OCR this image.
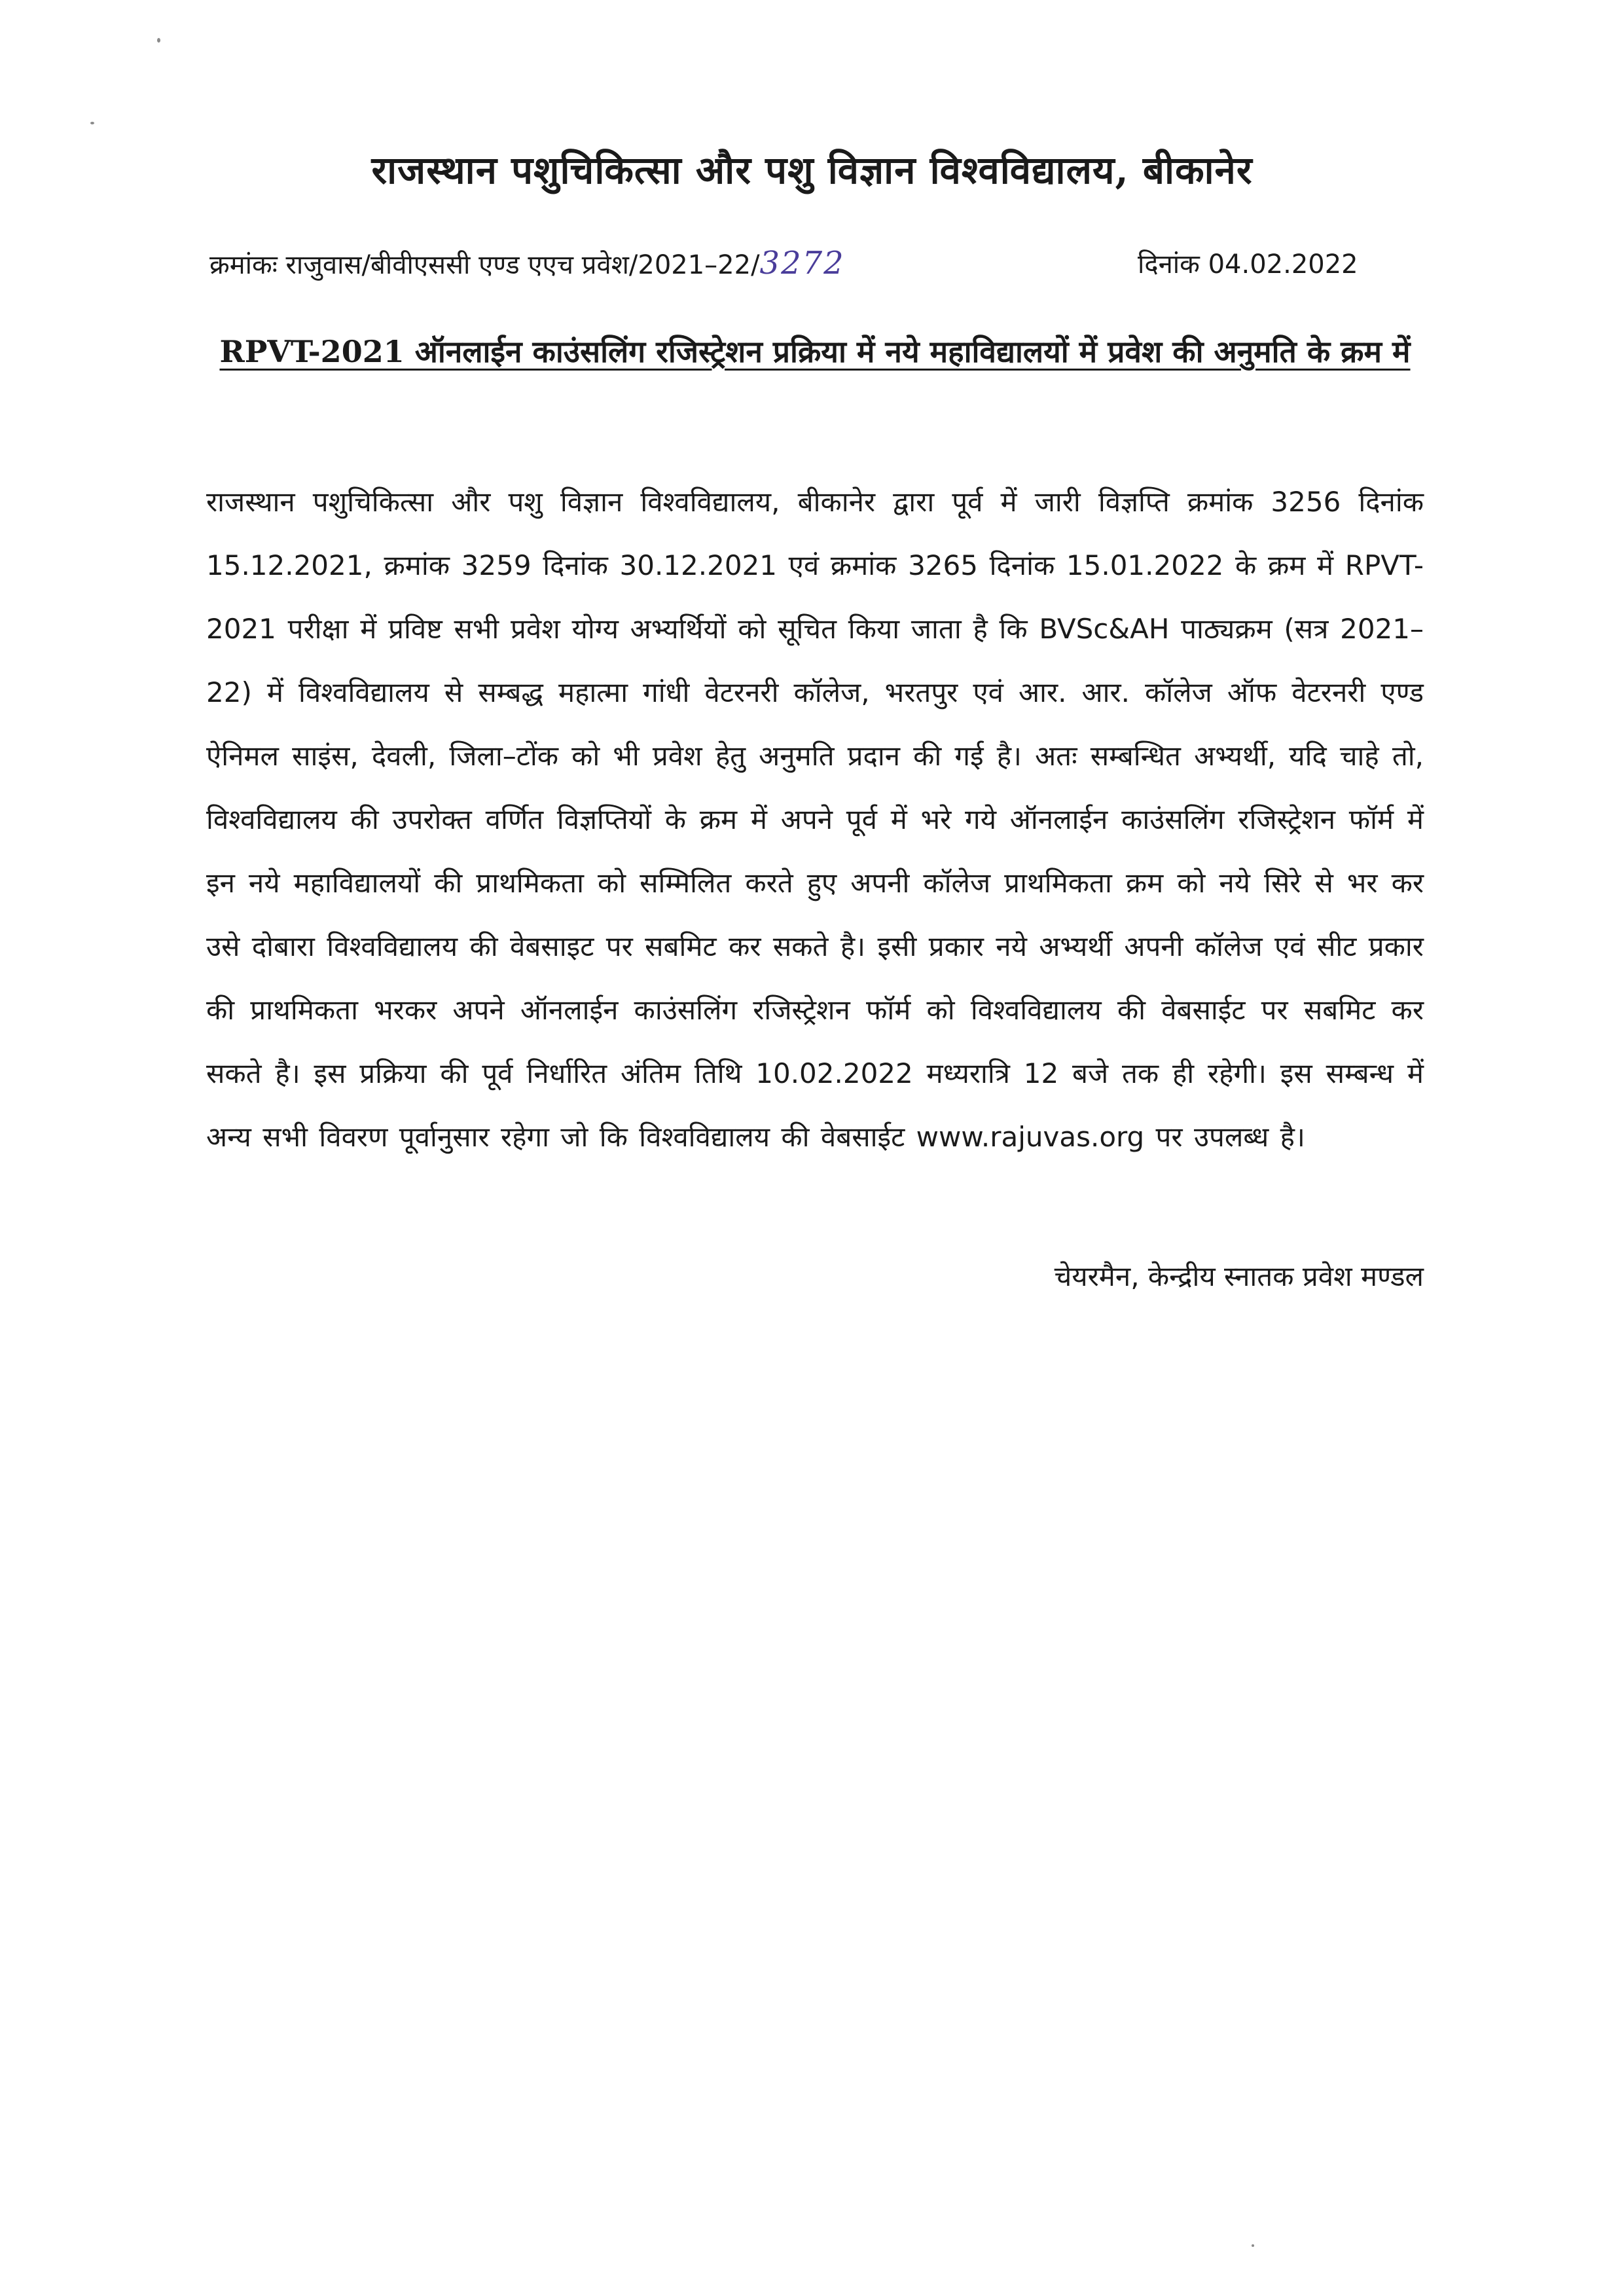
राजस्थान पशुचिकित्सा और पशु विज्ञान विश्वविद्यालय, बीकानेर
क्रमांकः राजुवास/बीवीएससी एण्ड एएच प्रवेश/2021–22/3272	दिनांक 04.02.2022
RPVT-2021 ऑनलाईन काउंसलिंग रजिस्ट्रेशन प्रक्रिया में नये महाविद्यालयों में प्रवेश की अनुमति के क्रम में
राजस्थान पशुचिकित्सा और पशु विज्ञान विश्वविद्यालय, बीकानेर द्वारा पूर्व में जारी विज्ञप्ति क्रमांक 3256 दिनांक 15.12.2021, क्रमांक 3259 दिनांक 30.12.2021 एवं क्रमांक 3265 दिनांक 15.01.2022 के क्रम में RPVT-2021 परीक्षा में प्रविष्ट सभी प्रवेश योग्य अभ्यर्थियों को सूचित किया जाता है कि BVSc&AH पाठ्यक्रम (सत्र 2021–22) में विश्वविद्यालय से सम्बद्ध महात्मा गांधी वेटरनरी कॉलेज, भरतपुर एवं आर. आर. कॉलेज ऑफ वेटरनरी एण्ड ऐनिमल साइंस, देवली, जिला–टोंक को भी प्रवेश हेतु अनुमति प्रदान की गई है। अतः सम्बन्धित अभ्यर्थी, यदि चाहे तो, विश्वविद्यालय की उपरोक्त वर्णित विज्ञप्तियों के क्रम में अपने पूर्व में भरे गये ऑनलाईन काउंसलिंग रजिस्ट्रेशन फॉर्म में इन नये महाविद्यालयों की प्राथमिकता को सम्मिलित करते हुए अपनी कॉलेज प्राथमिकता क्रम को नये सिरे से भर कर उसे दोबारा विश्वविद्यालय की वेबसाइट पर सबमिट कर सकते है। इसी प्रकार नये अभ्यर्थी अपनी कॉलेज एवं सीट प्रकार की प्राथमिकता भरकर अपने ऑनलाईन काउंसलिंग रजिस्ट्रेशन फॉर्म को विश्वविद्यालय की वेबसाईट पर सबमिट कर सकते है। इस प्रक्रिया की पूर्व निर्धारित अंतिम तिथि 10.02.2022 मध्यरात्रि 12 बजे तक ही रहेगी। इस सम्बन्ध में अन्य सभी विवरण पूर्वानुसार रहेगा जो कि विश्वविद्यालय की वेबसाईट www.rajuvas.org पर उपलब्ध है।
चेयरमैन, केन्द्रीय स्नातक प्रवेश मण्डल
